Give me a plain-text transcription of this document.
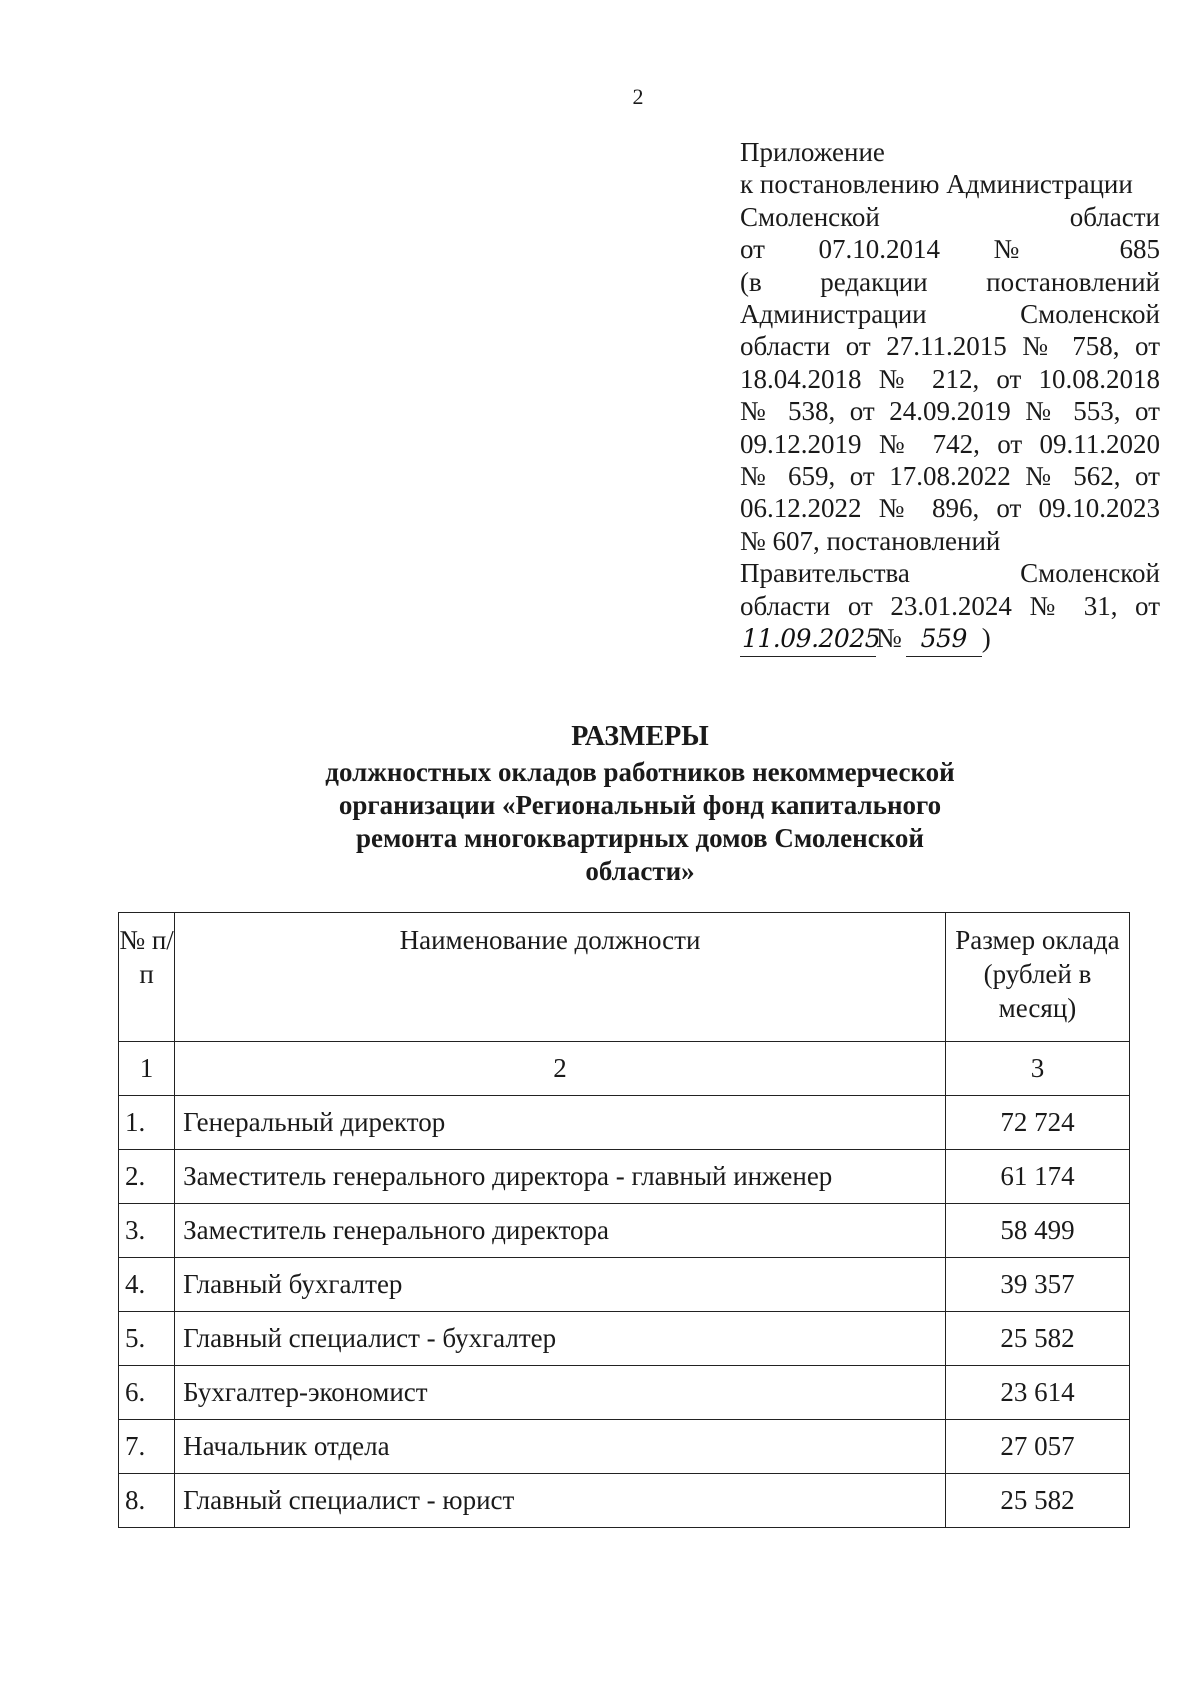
2
Приложение
к постановлению Администрации
Смоленской области
от 07.10.2014 № 685
(в редакции постановлений
Администрации Смоленской
области от 27.11.2015 № 758, от
18.04.2018 № 212, от 10.08.2018
№ 538, от 24.09.2019 № 553, от
09.12.2019 № 742, от 09.11.2020
№ 659, от 17.08.2022 № 562, от
06.12.2022 № 896, от 09.10.2023
№ 607, постановлений
Правительства Смоленской
области от 23.01.2024 № 31, от
11.09.2025№ 559 )
РАЗМЕРЫ
должностных окладов работников некоммерческой
организации «Региональный фонд капитального
ремонта многоквартирных домов Смоленской
области»
№ п/п	Наименование должности	Размер оклада (рублей в месяц)
1	2	3
1.	Генеральный директор	72 724
2.	Заместитель генерального директора - главный инженер	61 174
3.	Заместитель генерального директора	58 499
4.	Главный бухгалтер	39 357
5.	Главный специалист - бухгалтер	25 582
6.	Бухгалтер-экономист	23 614
7.	Начальник отдела	27 057
8.	Главный специалист - юрист	25 582
